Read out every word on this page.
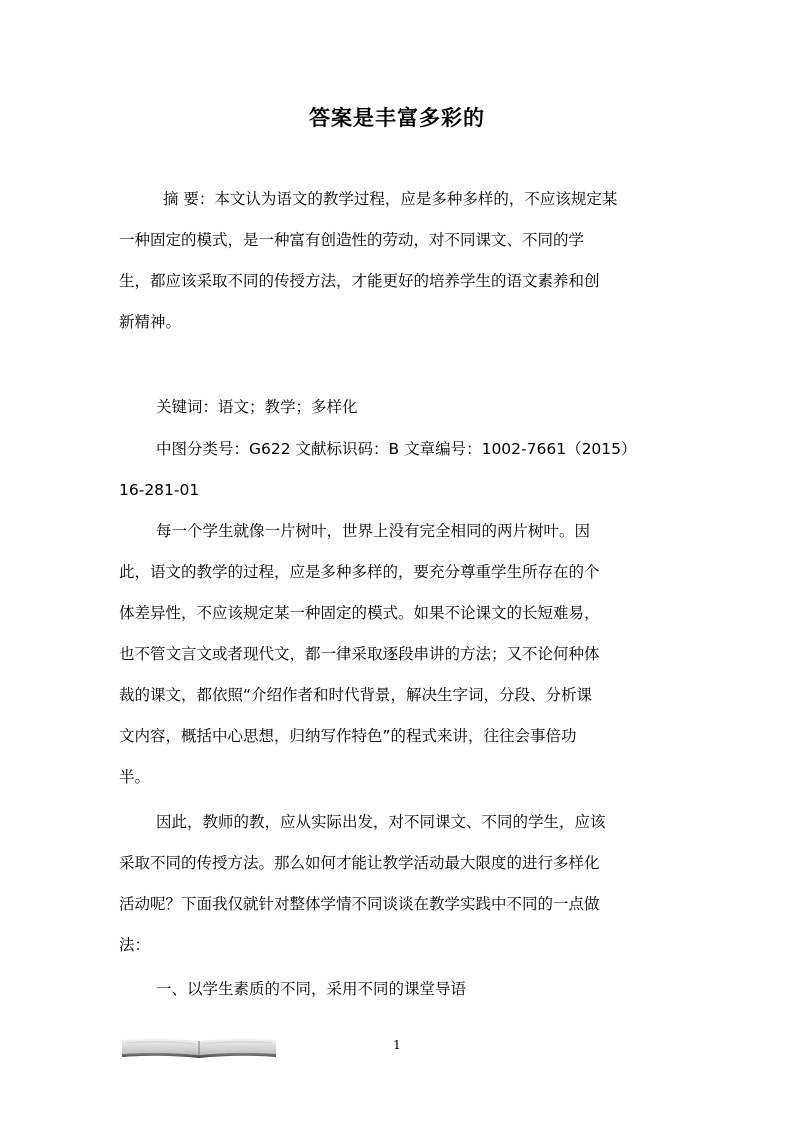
答案是丰富多彩的
摘 要：本文认为语文的教学过程，应是多种多样的，不应该规定某
一种固定的模式，是一种富有创造性的劳动，对不同课文、不同的学
生，都应该采取不同的传授方法，才能更好的培养学生的语文素养和创
新精神。
关键词：语文；教学；多样化
中图分类号：G622 文献标识码：B 文章编号：1002-7661（2015）
16-281-01
每一个学生就像一片树叶，世界上没有完全相同的两片树叶。因
此，语文的教学的过程，应是多种多样的，要充分尊重学生所存在的个
体差异性，不应该规定某一种固定的模式。如果不论课文的长短难易，
也不管文言文或者现代文，都一律采取逐段串讲的方法；又不论何种体
裁的课文，都依照“介绍作者和时代背景，解决生字词，分段、分析课
文内容，概括中心思想，归纳写作特色”的程式来讲，往往会事倍功
半。
因此，教师的教，应从实际出发，对不同课文、不同的学生，应该
采取不同的传授方法。那么如何才能让教学活动最大限度的进行多样化
活动呢？下面我仅就针对整体学情不同谈谈在教学实践中不同的一点做
法：
一、以学生素质的不同，采用不同的课堂导语
1
